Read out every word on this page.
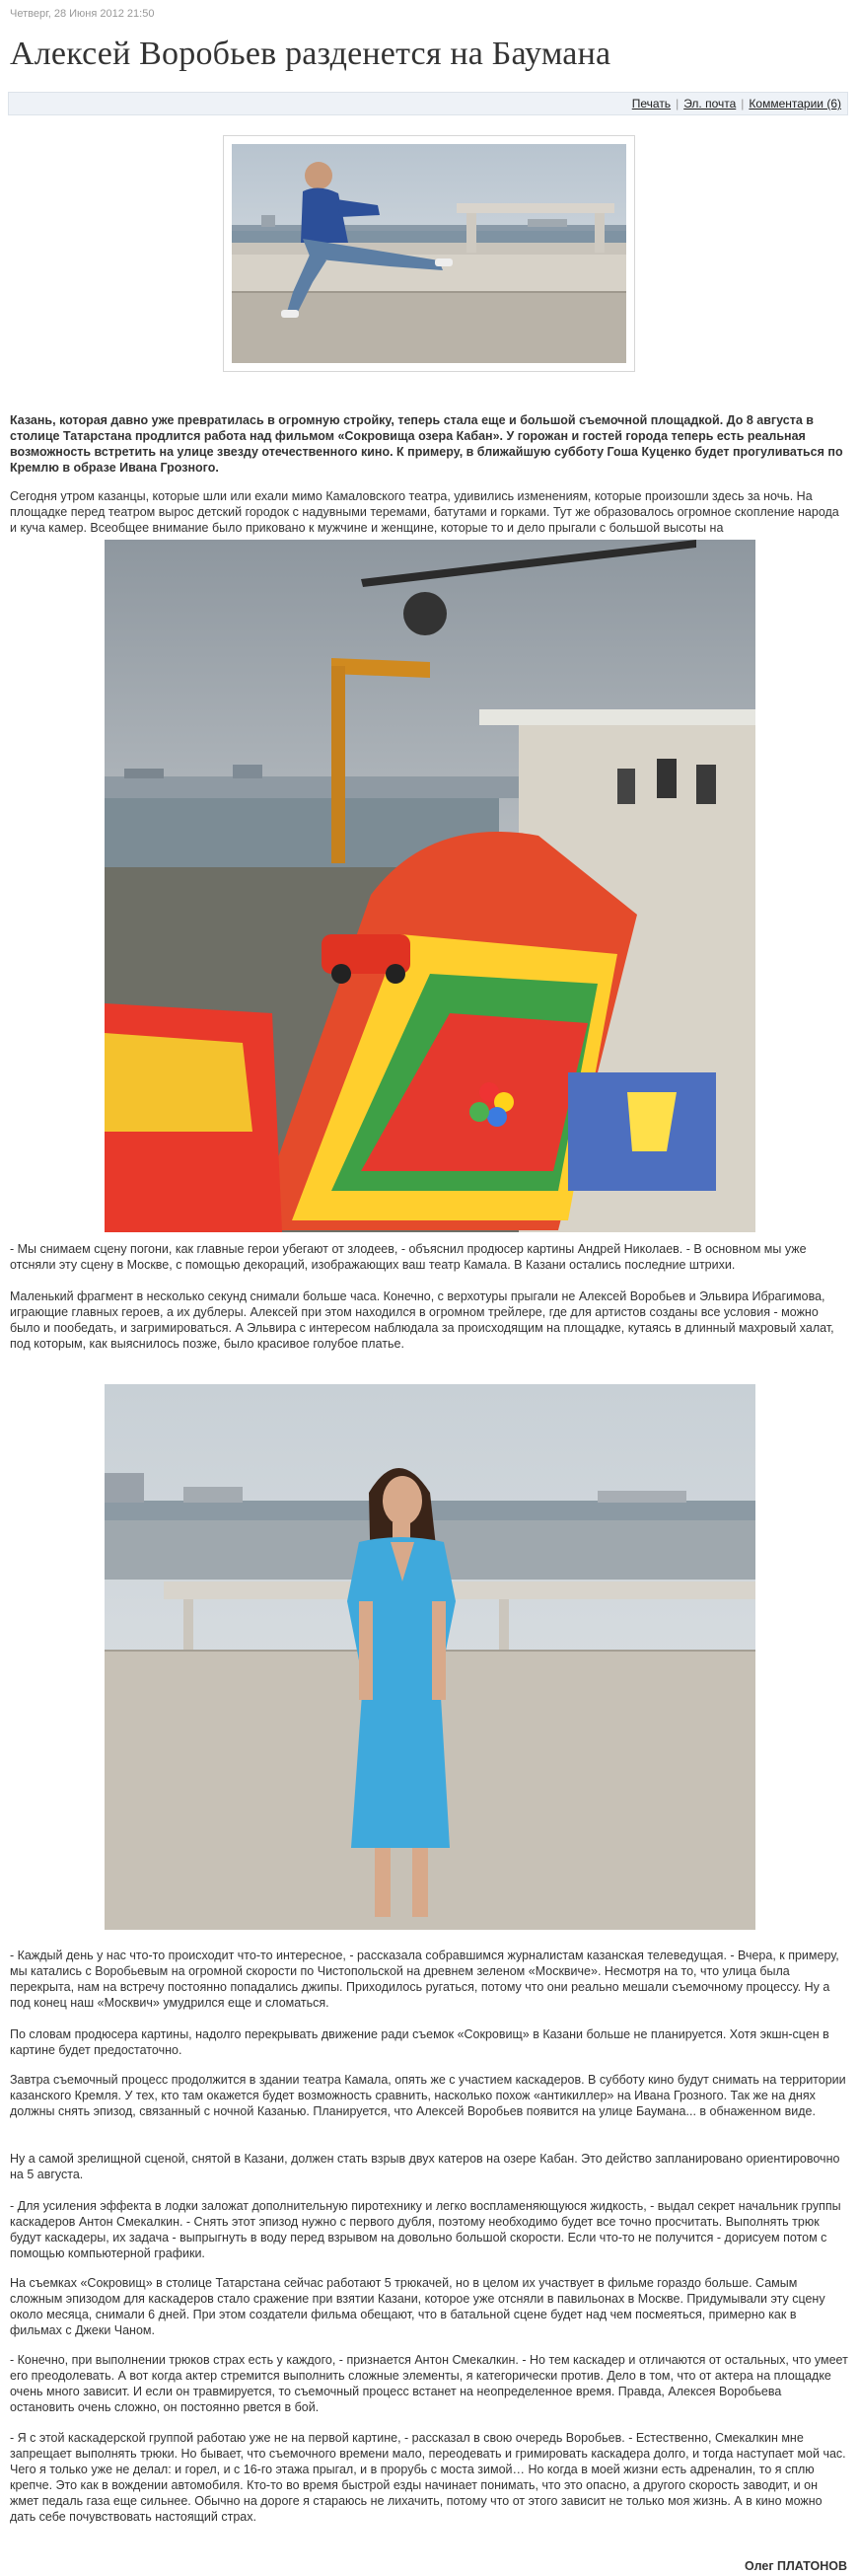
Четверг, 28 Июня 2012 21:50
Алексей Воробьев разденется на Баумана
Печать | Эл. почта | Комментарии (6)

Казань, которая давно уже превратилась в огромную стройку, теперь стала еще и большой съемочной площадкой. До 8 августа в столице Татарстана продлится работа над фильмом «Сокровища озера Кабан». У горожан и гостей города теперь есть реальная возможность встретить на улице звезду отечественного кино. К примеру, в ближайшую субботу Гоша Куценко будет прогуливаться по Кремлю в образе Ивана Грозного.

Сегодня утром казанцы, которые шли или ехали мимо Камаловского театра, удивились изменениям, которые произошли здесь за ночь. На площадке перед театром вырос детский городок с надувными теремами, батутами и горками. Тут же образовалось огромное скопление народа и куча камер. Всеобщее внимание было приковано к мужчине и женщине, которые то и дело прыгали с большой высоты на

- Мы снимаем сцену погони, как главные герои убегают от злодеев, - объяснил продюсер картины Андрей Николаев. - В основном мы уже отсняли эту сцену в Москве, с помощью декораций, изображающих ваш театр Камала. В Казани остались последние штрихи.

Маленький фрагмент в несколько секунд снимали больше часа. Конечно, с верхотуры прыгали не Алексей Воробьев и Эльвира Ибрагимова, играющие главных героев, а их дублеры. Алексей при этом находился в огромном трейлере, где для артистов созданы все условия - можно было и пообедать, и загримироваться. А Эльвира с интересом наблюдала за происходящим на площадке, кутаясь в длинный махровый халат, под которым, как выяснилось позже, было красивое голубое платье.

- Каждый день у нас что-то происходит что-то интересное, - рассказала собравшимся журналистам казанская телеведущая. - Вчера, к примеру, мы катались с Воробьевым на огромной скорости по Чистопольской на древнем зеленом «Москвиче». Несмотря на то, что улица была перекрыта, нам на встречу постоянно попадались джипы. Приходилось ругаться, потому что они реально мешали съемочному процессу. Ну а под конец наш «Москвич» умудрился еще и сломаться.

По словам продюсера картины, надолго перекрывать движение ради съемок «Сокровищ» в Казани больше не планируется. Хотя экшн-сцен в картине будет предостаточно.

Завтра съемочный процесс продолжится в здании театра Камала, опять же с участием каскадеров. В субботу кино будут снимать на территории казанского Кремля. У тех, кто там окажется будет возможность сравнить, насколько похож «антикиллер» на Ивана Грозного. Так же на днях должны снять эпизод, связанный с ночной Казанью. Планируется, что Алексей Воробьев появится на улице Баумана... в обнаженном виде.

Ну а самой зрелищной сценой, снятой в Казани, должен стать взрыв двух катеров на озере Кабан. Это действо запланировано ориентировочно на 5 августа.

- Для усиления эффекта в лодки заложат дополнительную пиротехнику и легко воспламеняющуюся жидкость, - выдал секрет начальник группы каскадеров Антон Смекалкин. - Снять этот эпизод нужно с первого дубля, поэтому необходимо будет все точно просчитать. Выполнять трюк будут каскадеры, их задача - выпрыгнуть в воду перед взрывом на довольно большой скорости. Если что-то не получится - дорисуем потом с помощью компьютерной графики.

На съемках «Сокровищ» в столице Татарстана сейчас работают 5 трюкачей, но в целом их участвует в фильме гораздо больше. Самым сложным эпизодом для каскадеров стало сражение при взятии Казани, которое уже отсняли в павильонах в Москве. Придумывали эту сцену около месяца, снимали 6 дней. При этом создатели фильма обещают, что в батальной сцене будет над чем посмеяться, примерно как в фильмах с Джеки Чаном.

- Конечно, при выполнении трюков страх есть у каждого, - признается Антон Смекалкин. - Но тем каскадер и отличаются от остальных, что умеет его преодолевать. А вот когда актер стремится выполнить сложные элементы, я категорически против. Дело в том, что от актера на площадке очень много зависит. И если он травмируется, то съемочный процесс встанет на неопределенное время. Правда, Алексея Воробьева остановить очень сложно, он постоянно рвется в бой.

- Я с этой каскадерской группой работаю уже не на первой картине, - рассказал в свою очередь Воробьев. - Естественно, Смекалкин мне запрещает выполнять трюки. Но бывает, что съемочного времени мало, переодевать и гримировать каскадера долго, и тогда наступает мой час. Чего я только уже не делал: и горел, и с 16-го этажа прыгал, и в прорубь с моста зимой… Но когда в моей жизни есть адреналин, то я сплю крепче. Это как в вождении автомобиля. Кто-то во время быстрой езды начинает понимать, что это опасно, а другого скорость заводит, и он жмет педаль газа еще сильнее. Обычно на дороге я стараюсь не лихачить, потому что от этого зависит не только моя жизнь. А в кино можно дать себе почувствовать настоящий страх.

Олег ПЛАТОНОВ
